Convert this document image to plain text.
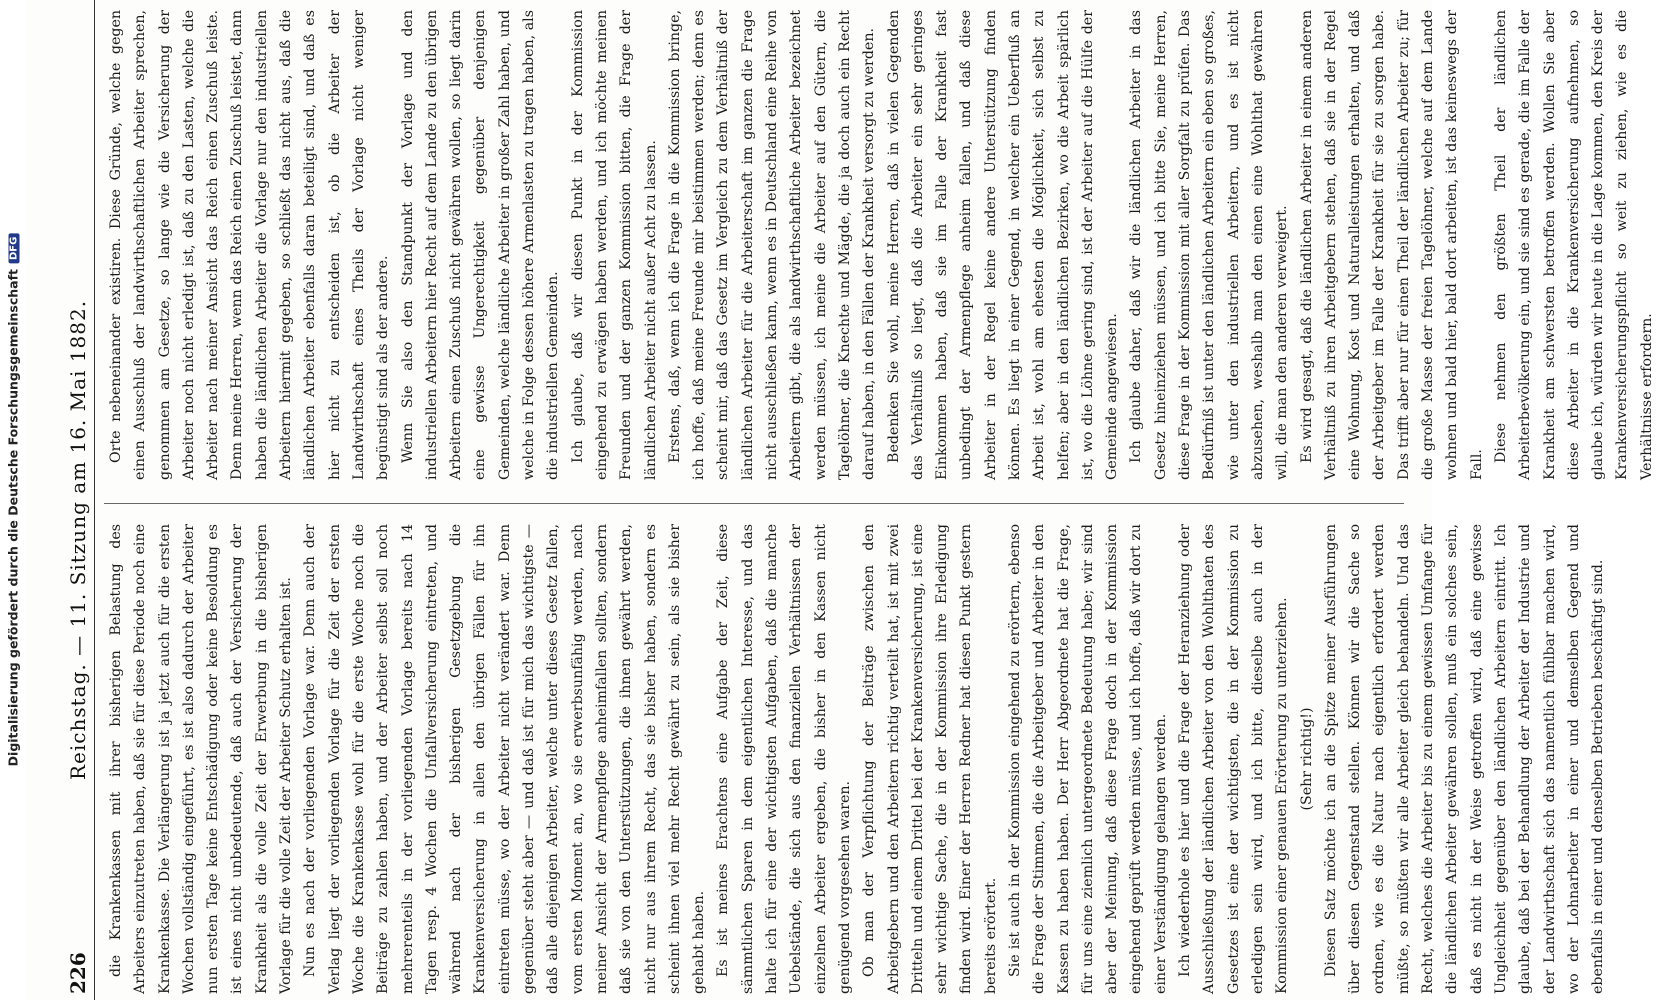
Digitalisierung gefördert durch die Deutsche ForschungsgemeinschaftDFG
226
Reichstag. — 11. Sitzung am 16. Mai 1882. die Krankenkassen mit ihrer bisherigen Belastung des Arbeiters einzutreten haben, daß sie für diese Periode noch eine Krankenkasse. Die Verlängerung ist ja jetzt auch für die ersten Wochen vollständig eingeführt, es ist also dadurch der Arbeiter nun ersten Tage keine Entschädigung oder keine Besoldung es ist eines nicht unbedeutende, daß auch der Versicherung der Krankheit als die volle Zeit der Erwerbung in die bisherigen Vorlage für die volle Zeit der Arbeiter Schutz erhalten ist. Nun es nach der vorliegenden Vorlage war. Denn auch der Verlag liegt der vorliegenden Vorlage für die Zeit der ersten Woche die Krankenkasse wohl für die erste Woche noch die Beiträge zu zahlen haben, und der Arbeiter selbst soll noch mehrerenteils in der vorliegenden Vorlage bereits nach 14 Tagen resp. 4 Wochen die Unfallversicherung eintreten, und während nach der bisherigen Gesetzgebung die Krankenversicherung in allen den übrigen Fällen für ihn eintreten müsse, wo der Arbeiter nicht verändert war. Denn gegenüber steht aber — und daß ist für mich das wichtigste — daß alle diejenigen Arbeiter, welche unter dieses Gesetz fallen, vom ersten Moment an, wo sie erwerbsunfähig werden, nach meiner Ansicht der Armenpflege anheimfallen sollten, sondern daß sie von den Unterstützungen, die ihnen gewährt werden, nicht nur aus ihrem Recht, das sie bisher haben, sondern es scheint ihnen viel mehr Recht gewährt zu sein, als sie bisher gehabt haben. Es ist meines Erachtens eine Aufgabe der Zeit, diese sämmtlichen Sparen in dem eigentlichen Interesse, und das halte ich für eine der wichtigsten Aufgaben, daß die manche Uebelstände, die sich aus den finanziellen Verhältnissen der einzelnen Arbeiter ergeben, die bisher in den Kassen nicht genügend vorgesehen waren. Ob man der Verpflichtung der Beiträge zwischen den Arbeitgebern und den Arbeitern richtig verteilt hat, ist mit zwei Dritteln und einem Drittel bei der Krankenversicherung, ist eine sehr wichtige Sache, die in der Kommission ihre Erledigung finden wird. Einer der Herren Redner hat diesen Punkt gestern bereits erörtert. Sie ist auch in der Kommission eingehend zu erörtern, ebenso die Frage der Stimmen, die die Arbeitgeber und Arbeiter in den Kassen zu haben haben. Der Herr Abgeordnete hat die Frage, für uns eine ziemlich untergeordnete Bedeutung habe; wir sind aber der Meinung, daß diese Frage doch in der Kommission eingehend geprüft werden müsse, und ich hoffe, daß wir dort zu einer Verständigung gelangen werden. Ich wiederhole es hier und die Frage der Heranziehung oder Ausschließung der ländlichen Arbeiter von den Wohlthaten des Gesetzes ist eine der wichtigsten, die in der Kommission zu erledigen sein wird, und ich bitte, dieselbe auch in der Kommission einer genauen Erörterung zu unterziehen. (Sehr richtig!) Diesen Satz möchte ich an die Spitze meiner Ausführungen über diesen Gegenstand stellen. Können wir die Sache so ordnen, wie es die Natur nach eigentlich erfordert werden müßte, so müßten wir alle Arbeiter gleich behandeln. Und das Recht, welches die Arbeiter bis zu einem gewissen Umfange für die ländlichen Arbeiter gewähren sollen, muß ein solches sein, daß es nicht in der Weise getroffen wird, daß eine gewisse Ungleichheit gegenüber den ländlichen Arbeitern eintritt. Ich glaube, daß bei der Behandlung der Arbeiter der Industrie und der Landwirthschaft sich das namentlich fühlbar machen wird, wo der Lohnarbeiter in einer und demselben Gegend und ebenfalls in einer und denselben Betrieben beschäftigt sind.

Orte nebeneinander existiren. Diese Gründe, welche gegen einen Ausschluß der landwirthschaftlichen Arbeiter sprechen, genommen am Gesetze, so lange wie die Versicherung der Arbeiter noch nicht erledigt ist, daß zu den Lasten, welche die Arbeiter nach meiner Ansicht das Reich einen Zuschuß leiste. Denn meine Herren, wenn das Reich einen Zuschuß leistet, dann haben die ländlichen Arbeiter die Vorlage nur den industriellen Arbeitern hiermit gegeben, so schließt das nicht aus, daß die ländlichen Arbeiter ebenfalls daran beteiligt sind, und daß es hier nicht zu entscheiden ist, ob die Arbeiter der Landwirthschaft eines Theils der Vorlage nicht weniger begünstigt sind als der andere. Wenn Sie also den Standpunkt der Vorlage und den industriellen Arbeitern hier Recht auf dem Lande zu den übrigen Arbeitern einen Zuschuß nicht gewähren wollen, so liegt darin eine gewisse Ungerechtigkeit gegenüber denjenigen Gemeinden, welche ländliche Arbeiter in großer Zahl haben, und welche in Folge dessen höhere Armenlasten zu tragen haben, als die industriellen Gemeinden. Ich glaube, daß wir diesen Punkt in der Kommission eingehend zu erwägen haben werden, und ich möchte meinen Freunden und der ganzen Kommission bitten, die Frage der ländlichen Arbeiter nicht außer Acht zu lassen. Erstens, daß, wenn ich die Frage in die Kommission bringe, ich hoffe, daß meine Freunde mir beistimmen werden; denn es scheint mir, daß das Gesetz im Vergleich zu dem Verhältniß der ländlichen Arbeiter für die Arbeiterschaft im ganzen die Frage nicht ausschließen kann, wenn es in Deutschland eine Reihe von Arbeitern gibt, die als landwirthschaftliche Arbeiter bezeichnet werden müssen, ich meine die Arbeiter auf den Gütern, die Tagelöhner, die Knechte und Mägde, die ja doch auch ein Recht darauf haben, in den Fällen der Krankheit versorgt zu werden. Bedenken Sie wohl, meine Herren, daß in vielen Gegenden das Verhältniß so liegt, daß die Arbeiter ein sehr geringes Einkommen haben, daß sie im Falle der Krankheit fast unbedingt der Armenpflege anheim fallen, und daß diese Arbeiter in der Regel keine andere Unterstützung finden können. Es liegt in einer Gegend, in welcher ein Ueberfluß an Arbeit ist, wohl am ehesten die Möglichkeit, sich selbst zu helfen; aber in den ländlichen Bezirken, wo die Arbeit spärlich ist, wo die Löhne gering sind, ist der Arbeiter auf die Hülfe der Gemeinde angewiesen. Ich glaube daher, daß wir die ländlichen Arbeiter in das Gesetz hineinziehen müssen, und ich bitte Sie, meine Herren, diese Frage in der Kommission mit aller Sorgfalt zu prüfen. Das Bedürfniß ist unter den ländlichen Arbeitern ein eben so großes, wie unter den industriellen Arbeitern, und es ist nicht abzusehen, weshalb man den einen eine Wohlthat gewähren will, die man den anderen verweigert. Es wird gesagt, daß die ländlichen Arbeiter in einem anderen Verhältniß zu ihren Arbeitgebern stehen, daß sie in der Regel eine Wohnung, Kost und Naturalleistungen erhalten, und daß der Arbeitgeber im Falle der Krankheit für sie zu sorgen habe. Das trifft aber nur für einen Theil der ländlichen Arbeiter zu; für die große Masse der freien Tagelöhner, welche auf dem Lande wohnen und bald hier, bald dort arbeiten, ist das keineswegs der Fall.

Diese nehmen den größten Theil der ländlichen Arbeiterbevölkerung ein, und sie sind es gerade, die im Falle der Krankheit am schwersten betroffen werden. Wollen Sie aber diese Arbeiter in die Krankenversicherung aufnehmen, so glaube ich, würden wir heute in die Lage kommen, den Kreis der Krankenversicherungspflicht so weit zu ziehen, wie es die Verhältnisse erfordern.
